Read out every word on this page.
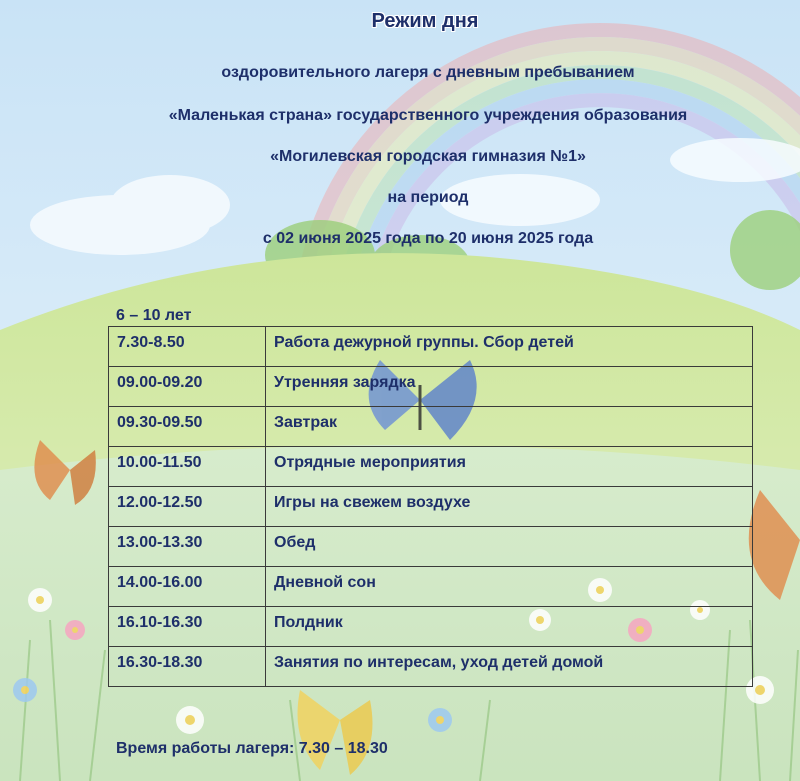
Режим дня
оздоровительного лагеря с дневным пребыванием
«Маленькая страна» государственного учреждения образования
«Могилевская городская гимназия №1»
на период
с 02 июня 2025 года по 20 июня 2025 года
6 – 10 лет
7.30-8.50	Работа дежурной группы. Сбор детей
09.00-09.20	Утренняя зарядка
09.30-09.50	Завтрак
10.00-11.50	Отрядные мероприятия
12.00-12.50	Игры на свежем воздухе
13.00-13.30	Обед
14.00-16.00	Дневной сон
16.10-16.30	Полдник
16.30-18.30	Занятия по интересам, уход детей домой
Время работы лагеря: 7.30 – 18.30
